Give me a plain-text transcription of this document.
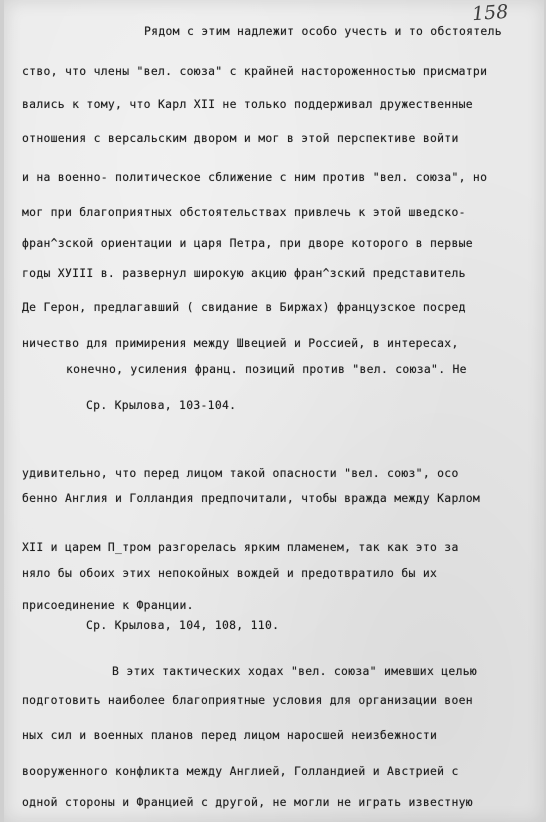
158

Рядом с этим надлежит особо учесть и то обстоятель

ство, что члены "вел. союза" с крайней настороженностью присматри

вались к тому, что Карл XII не только поддерживал дружественные

отношения с версальским двором и мог в этой перспективе войти

и на военно- политическое сближение с ним против "вел. союза", но

мог при благоприятных обстоятельствах привлечь к этой шведско-

фран^зской ориентации и царя Петра, при дворе которого в первые

годы ХУIII в. развернул широкую акцию фран^зский представитель

Де Герон, предлагавший ( свидание в Биржах) французское посред

ничество для примирения между Швецией и Россией, в интересах,

конечно, усиления франц. позиций против "вел. союза". Не

Ср. Крылова, 103-104.

удивительно, что перед лицом такой опасности "вел. союз", осо

бенно Англия и Голландия предпочитали, чтобы вражда между Карлом

XII и царем П_тром разгорелась ярким пламенем, так как это за

няло бы обоих этих непокойных вождей и предотвратило бы их

присоединение к Франции.

Ср. Крылова, 104, 108, 110.

В этих тактических ходах "вел. союза" имевших целью

подготовить наиболее благоприятные условия для организации воен

ных сил и военных планов перед лицом наросшей неизбежности

вооруженного конфликта между Англией, Голландией и Австрией с

одной стороны и Францией с другой, не могли не играть известную
